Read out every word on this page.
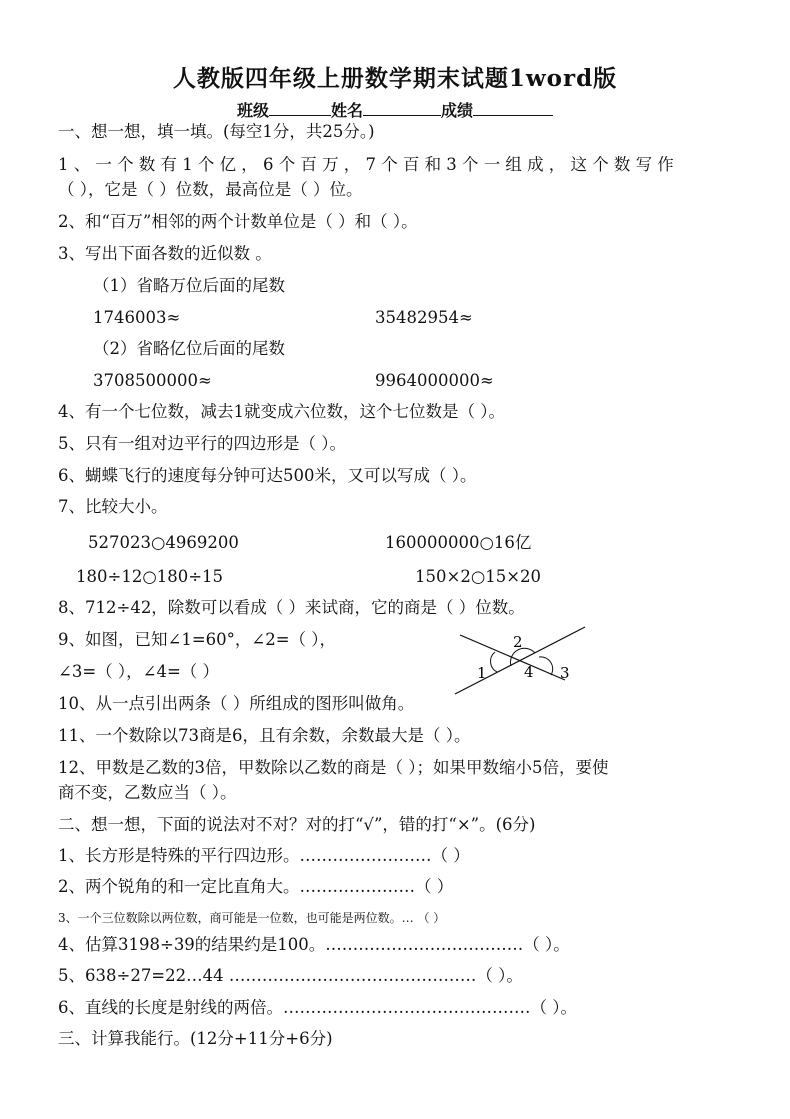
人教版四年级上册数学期末试题1word版
班级	姓名	成绩
一、想一想，填一填。(每空1分，共25分。)
1、一个数有1个亿，6个百万，7个百和3个一组成，这个数写作
（ ），它是（ ）位数，最高位是（ ）位。
2、和“百万”相邻的两个计数单位是（ ）和（ ）。
3、写出下面各数的近似数 。
（1）省略万位后面的尾数
1746003≈	35482954≈
（2）省略亿位后面的尾数
3708500000≈	9964000000≈
4、有一个七位数，减去1就变成六位数，这个七位数是（ ）。
5、只有一组对边平行的四边形是（ ）。
6、蝴蝶飞行的速度每分钟可达500米，又可以写成（ ）。
7、比较大小。
527023○4969200	160000000○16亿
180÷12○180÷15	150×2○15×20
8、712÷42，除数可以看成（ ）来试商，它的商是（ ）位数。
9、如图，已知∠1=60°，∠2=（ ），
∠3=（ ），∠4=（ ）
10、从一点引出两条（ ）所组成的图形叫做角。
11、一个数除以73商是6，且有余数，余数最大是（ ）。
12、甲数是乙数的3倍，甲数除以乙数的商是（ ）；如果甲数缩小5倍，要使
商不变，乙数应当（ ）。
二、想一想，下面的说法对不对？对的打“√”，错的打“×”。(6分)
1、长方形是特殊的平行四边形。……………………（ ）
2、两个锐角的和一定比直角大。…………………（ ）
3、一个三位数除以两位数，商可能是一位数，也可能是两位数。… （ ）
4、估算3198÷39的结果约是100。………………………………（ ）。
5、638÷27=22…44 ………………………………………（ ）。
6、直线的长度是射线的两倍。………………………………………（ ）。
三、计算我能行。(12分+11分+6分)
1
2
3
4
